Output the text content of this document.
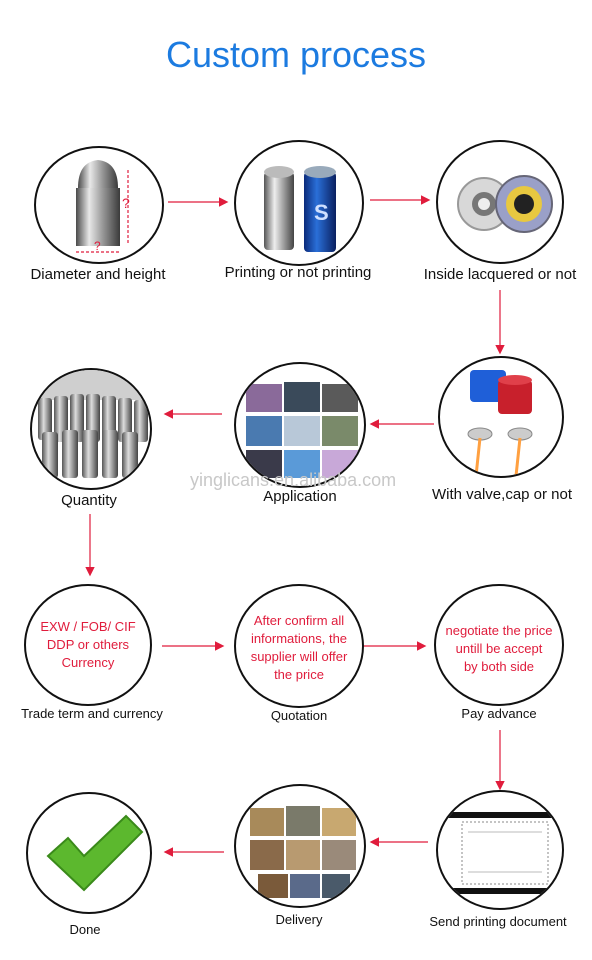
Custom process
?
?
Diameter and height
S
Printing or not printing	Inside lacquered or not
With valve,cap or not
Application
Quantity
EXW / FOB/ CIF
DDP or others
Currency
Trade term and currency
After confirm all
informations, the
supplier will offer
the price
Quotation
negotiate the price
untill be accept
by both side
Pay advance
Send printing document
Delivery
Done
yinglicans.en.alibaba.com
